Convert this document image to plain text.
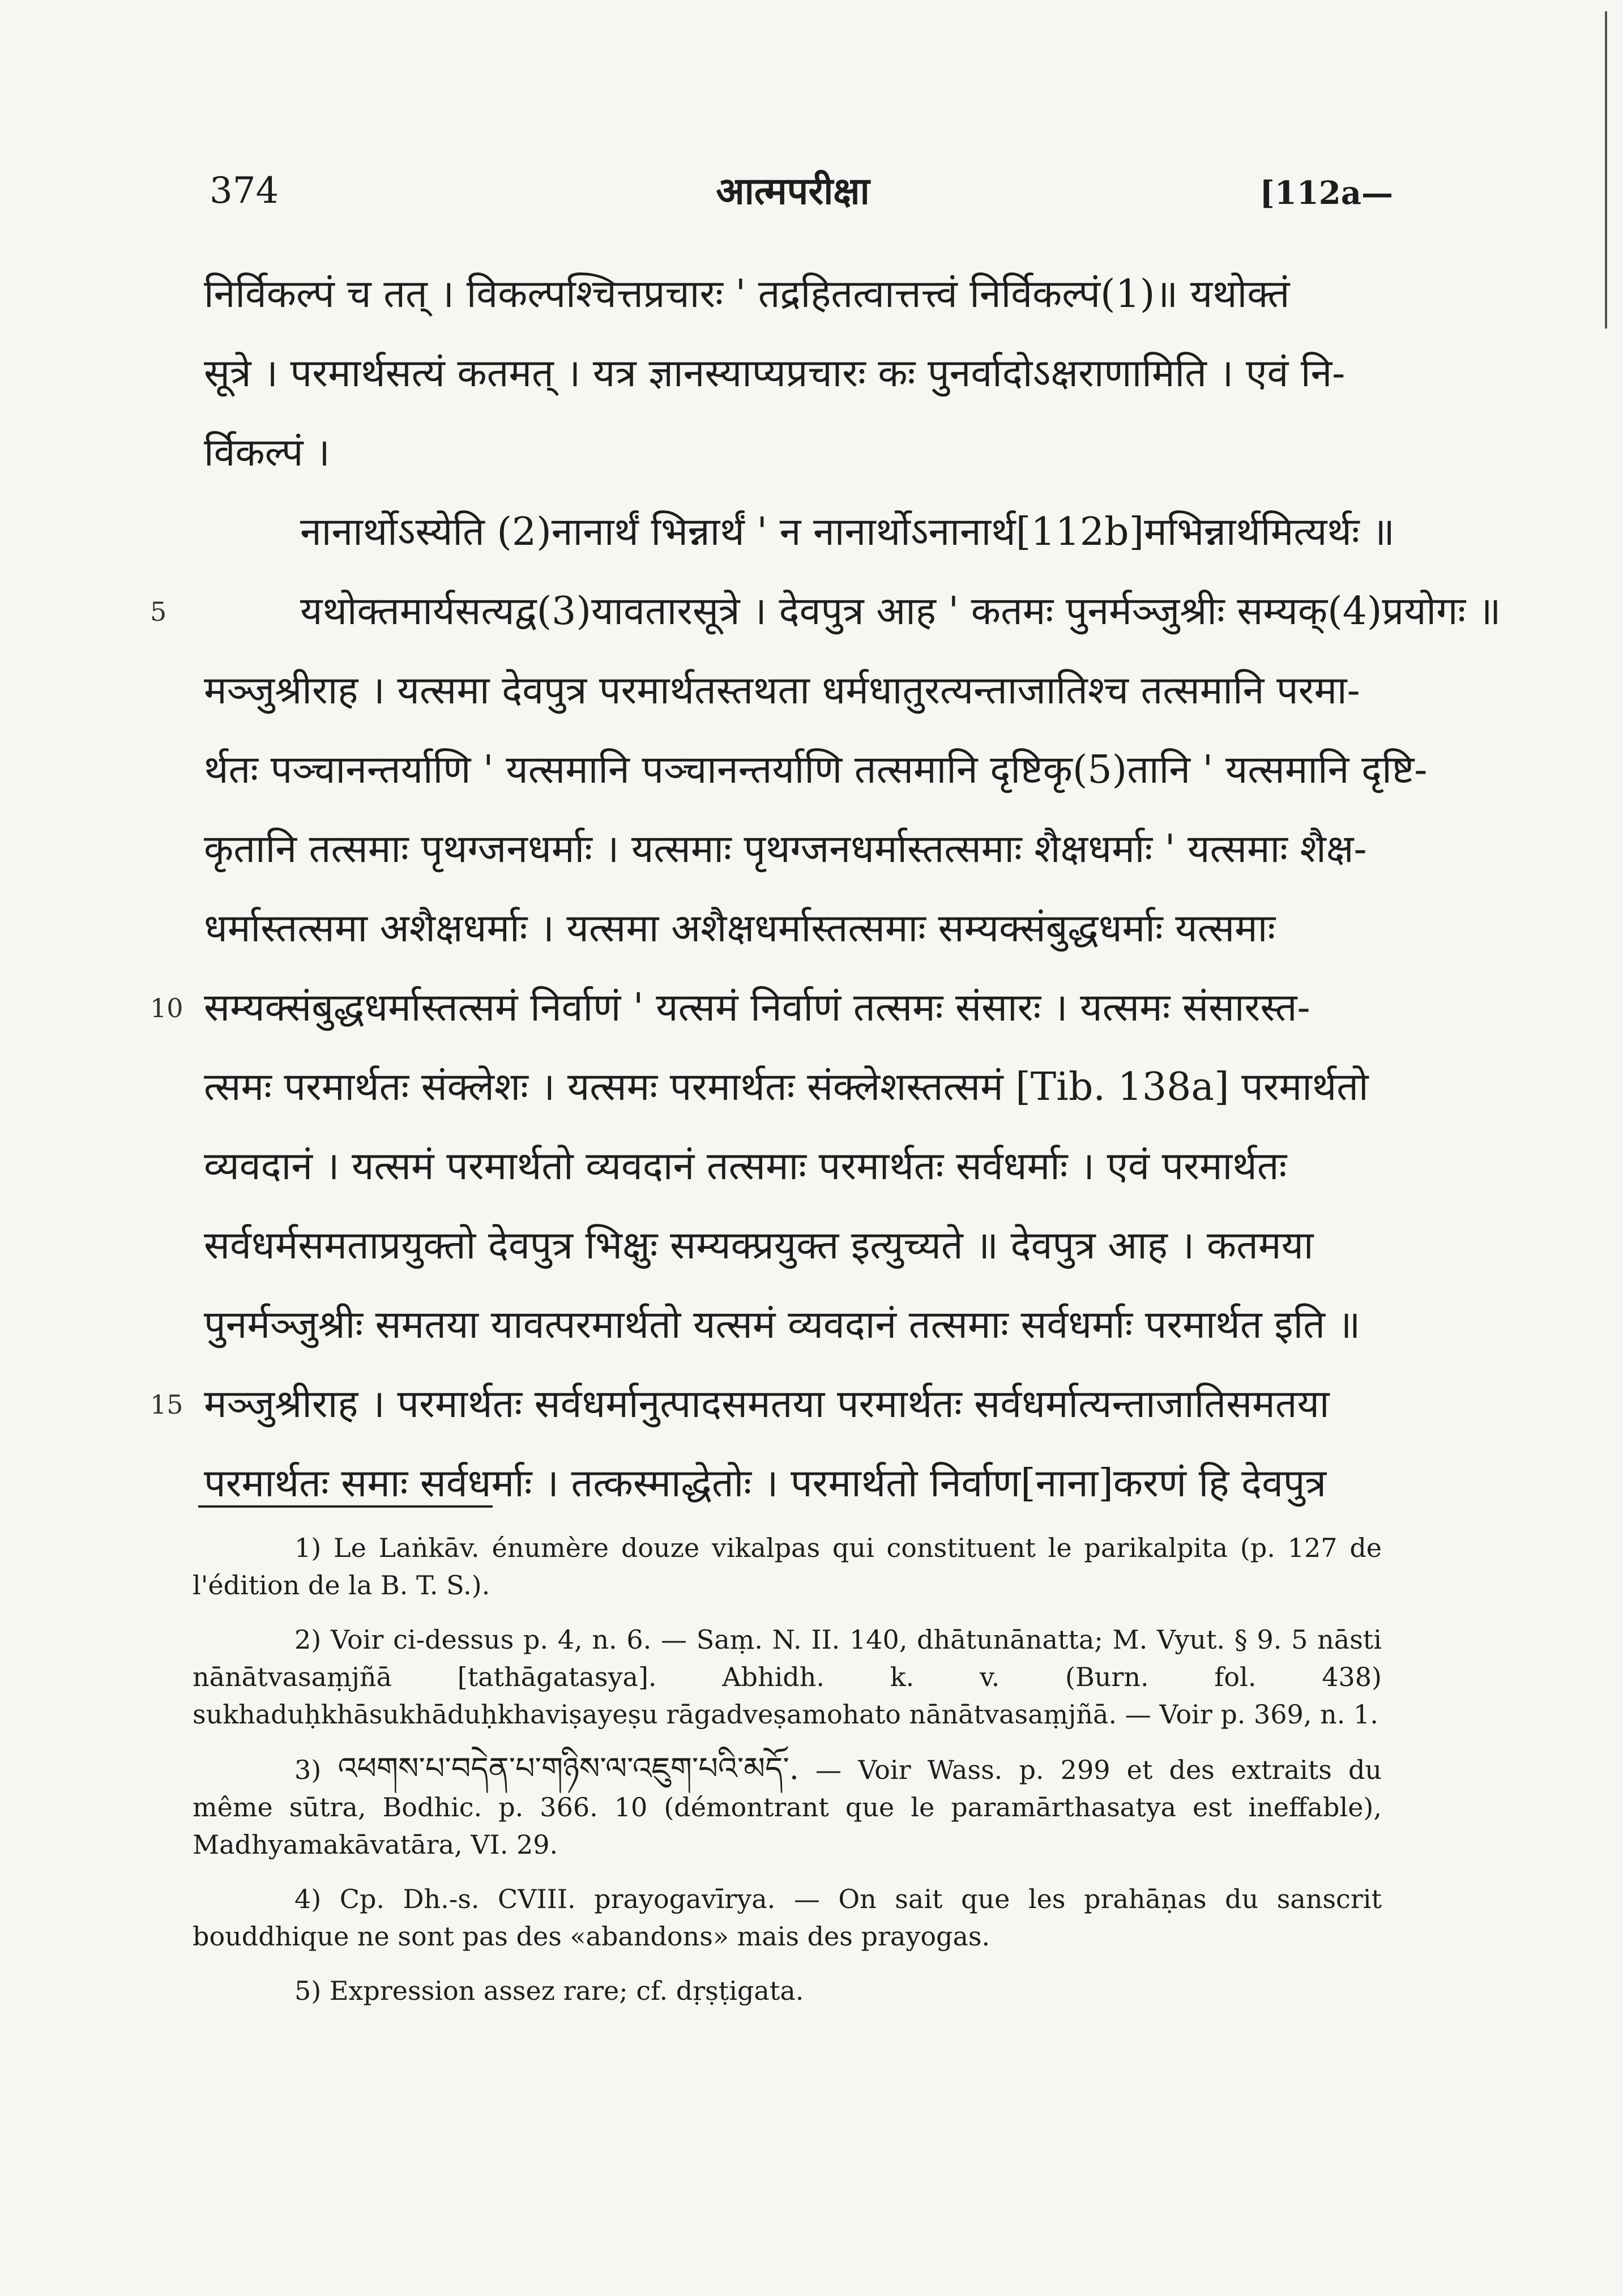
374	आत्मपरीक्षा	[112a—
निर्विकल्पं च तत् । विकल्पश्चित्तप्रचारः ' तद्रहितत्वात्तत्त्वं निर्विकल्पं(1)॥ यथोक्तं
सूत्रे । परमार्थसत्यं कतमत् । यत्र ज्ञानस्याप्यप्रचारः कः पुनर्वादोऽक्षराणामिति । एवं नि-
र्विकल्पं ।
नानार्थोऽस्येति (2)नानार्थं भिन्नार्थं ' न नानार्थोऽनानार्थ[112b]मभिन्नार्थमित्यर्थः ॥
5	यथोक्तमार्यसत्यद्व(3)यावतारसूत्रे । देवपुत्र आह ' कतमः पुनर्मञ्जुश्रीः सम्यक्(4)प्रयोगः ॥
मञ्जुश्रीराह । यत्समा देवपुत्र परमार्थतस्तथता धर्मधातुरत्यन्ताजातिश्च तत्समानि परमा-
र्थतः पञ्चानन्तर्याणि ' यत्समानि पञ्चानन्तर्याणि तत्समानि दृष्टिकृ(5)तानि ' यत्समानि दृष्टि-
कृतानि तत्समाः पृथग्जनधर्माः । यत्समाः पृथग्जनधर्मास्तत्समाः शैक्षधर्माः ' यत्समाः शैक्ष-
धर्मास्तत्समा अशैक्षधर्माः । यत्समा अशैक्षधर्मास्तत्समाः सम्यक्संबुद्धधर्माः यत्समाः
10 सम्यक्संबुद्धधर्मास्तत्समं निर्वाणं ' यत्समं निर्वाणं तत्समः संसारः । यत्समः संसारस्त-
त्समः परमार्थतः संक्लेशः । यत्समः परमार्थतः संक्लेशस्तत्समं [Tib. 138a] परमार्थतो
व्यवदानं । यत्समं परमार्थतो व्यवदानं तत्समाः परमार्थतः सर्वधर्माः । एवं परमार्थतः
सर्वधर्मसमताप्रयुक्तो देवपुत्र भिक्षुः सम्यक्प्रयुक्त इत्युच्यते ॥ देवपुत्र आह । कतमया
पुनर्मञ्जुश्रीः समतया यावत्परमार्थतो यत्समं व्यवदानं तत्समाः सर्वधर्माः परमार्थत इति ॥
15 मञ्जुश्रीराह । परमार्थतः सर्वधर्मानुत्पादसमतया परमार्थतः सर्वधर्मात्यन्ताजातिसमतया
परमार्थतः समाः सर्वधर्माः । तत्कस्माद्धेतोः । परमार्थतो निर्वाण[नाना]करणं हि देवपुत्र
1) Le Laṅkāv. énumère douze vikalpas qui constituent le parikalpita (p. 127 de l'édition de la B. T. S.).
2) Voir ci-dessus p. 4, n. 6. — Saṃ. N. II. 140, dhātunānatta; M. Vyut. § 9. 5 nāsti nānātvasaṃjñā [tathāgatasya]. Abhidh. k. v. (Burn. fol. 438) sukhaduḥkhāsukhāduḥkhaviṣayeṣu rāgadveṣamohato nānātvasaṃjñā. — Voir p. 369, n. 1.
3) འཕགས་པ་བདེན་པ་གཉིས་ལ་འཇུག་པའི་མདོ་. — Voir Wass. p. 299 et des extraits du même sūtra, Bodhic. p. 366. 10 (démontrant que le paramārthasatya est ineffable), Madhyamakāvatāra, VI. 29.
4) Cp. Dh.-s. CVIII. prayogavīrya. — On sait que les prahāṇas du sanscrit bouddhique ne sont pas des «abandons» mais des prayogas.
5) Expression assez rare; cf. dṛṣṭigata.
